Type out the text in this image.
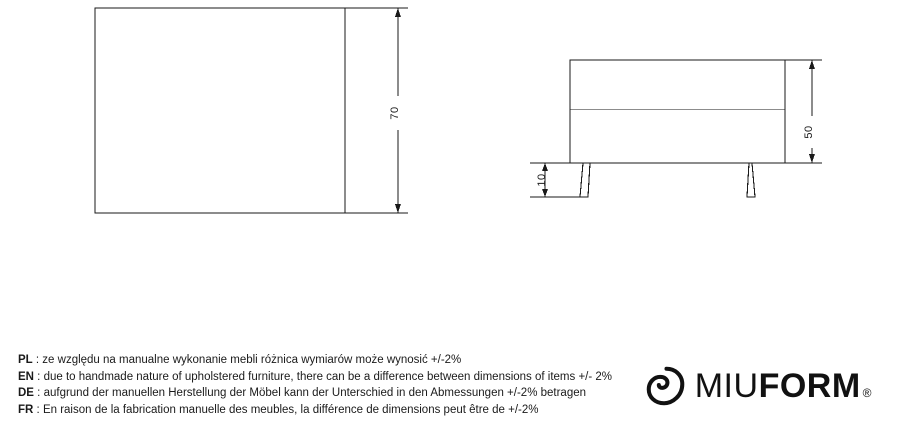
70
50
10
PL : ze względu na manualne wykonanie mebli różnica wymiarów może wynosić +/-2%
EN : due to handmade nature of upholstered furniture, there can be a difference between dimensions of items +/- 2%
DE : aufgrund der manuellen Herstellung der Möbel kann der Unterschied in den Abmessungen +/-2% betragen
FR : En raison de la fabrication manuelle des meubles, la différence de dimensions peut être de +/-2%
MIU FORM ®
